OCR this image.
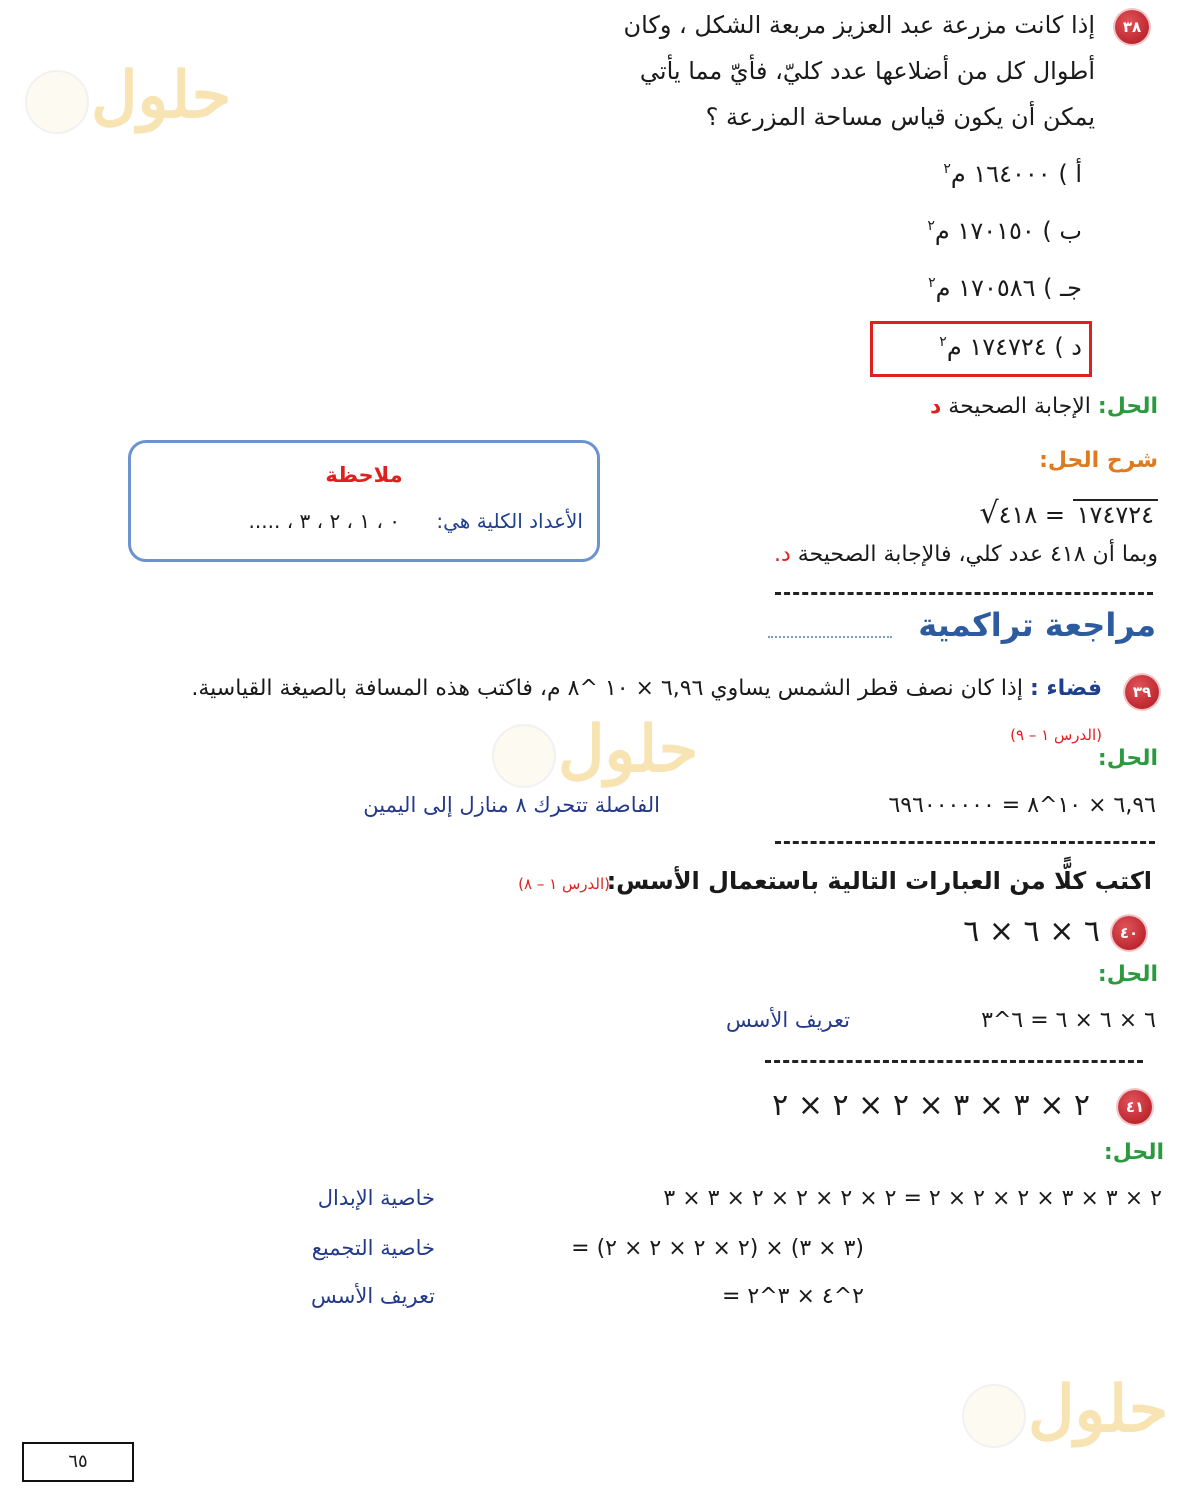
حلول
حلول
حلول
٣٨
إذا كانت مزرعة عبد العزيز مربعة الشكل ، وكان
أطوال كل من أضلاعها عدد كليّ، فأيّ مما يأتي
يمكن أن يكون قياس مساحة المزرعة ؟
أ ) ١٦٤٠٠٠ م$^٢$
ب ) ١٧٠١٥٠ م$^٢$
جـ ) ١٧٠٥٨٦ م$^٢$
د ) ١٧٤٧٢٤ م$^٢$
الحل: الإجابة الصحيحة د
شرح الحل:
√	١٧٤٧٢٤ = ٤١٨
وبما أن ٤١٨ عدد كلي، فالإجابة الصحيحة د.
ملاحظة
الأعداد الكلية هي: ٠ ، ١ ، ٢ ، ٣ ، .....
مراجعة تراكمية
٣٩
فضاء : إذا كان نصف قطر الشمس يساوي ٦,٩٦ × ١٠ ^٨ م، فاكتب هذه المسافة بالصيغة القياسية.
(الدرس ١ – ٩)
الحل:
٦,٩٦ × ١٠^٨ = ٦٩٦٠٠٠٠٠٠
الفاصلة تتحرك ٨ منازل إلى اليمين
اكتب كلًّا من العبارات التالية باستعمال الأسس:
(الدرس ١ – ٨)
٤٠
٦ × ٦ × ٦
الحل:
٦ × ٦ × ٦ = ٦^٣
تعريف الأسس
٤١
٢ × ٣ × ٣ × ٢ × ٢ × ٢
الحل:
٢ × ٣ × ٣ × ٢ × ٢ × ٢ = ٢ × ٢ × ٢ × ٢ × ٣ × ٣
خاصية الإبدال
= (٢ × ٢ × ٢ × ٢) × (٣ × ٣)
خاصية التجميع
= ٢^٤ × ٣^٢
تعريف الأسس
٦٥
